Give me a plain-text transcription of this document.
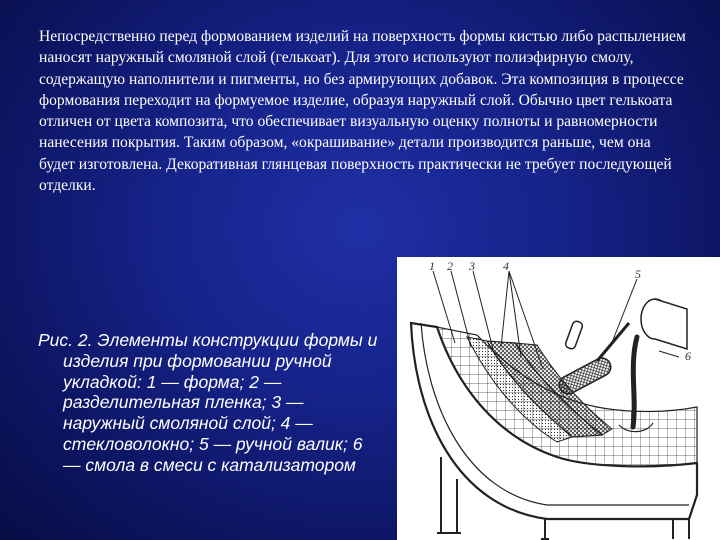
Непосредственно перед формованием изделий на поверхность формы кистью либо распылением наносят наружный смоляной слой (гелькоат). Для этого используют полиэфирную смолу, содержащую наполнители и пигменты, но без армирующих добавок. Эта композиция в процессе формования переходит на формуемое изделие, образуя наружный слой. Обычно цвет гелькоата отличен от цвета композита, что обеспечивает визуальную оценку полноты и равномерности нанесения покрытия. Таким образом, «окрашивание» детали производится раньше, чем она будет изготовлена. Декоративная глянцевая поверхность практически не требует последующей отделки.
Рис. 2. Элементы конструкции формы и изделия при формовании ручной укладкой: 1 — форма; 2 — разделительная пленка; 3 — наружный смоляной слой; 4 — стекловолокно; 5 — ручной валик; 6 — смола в смеси с катализатором
1 2 3 4
5
6
